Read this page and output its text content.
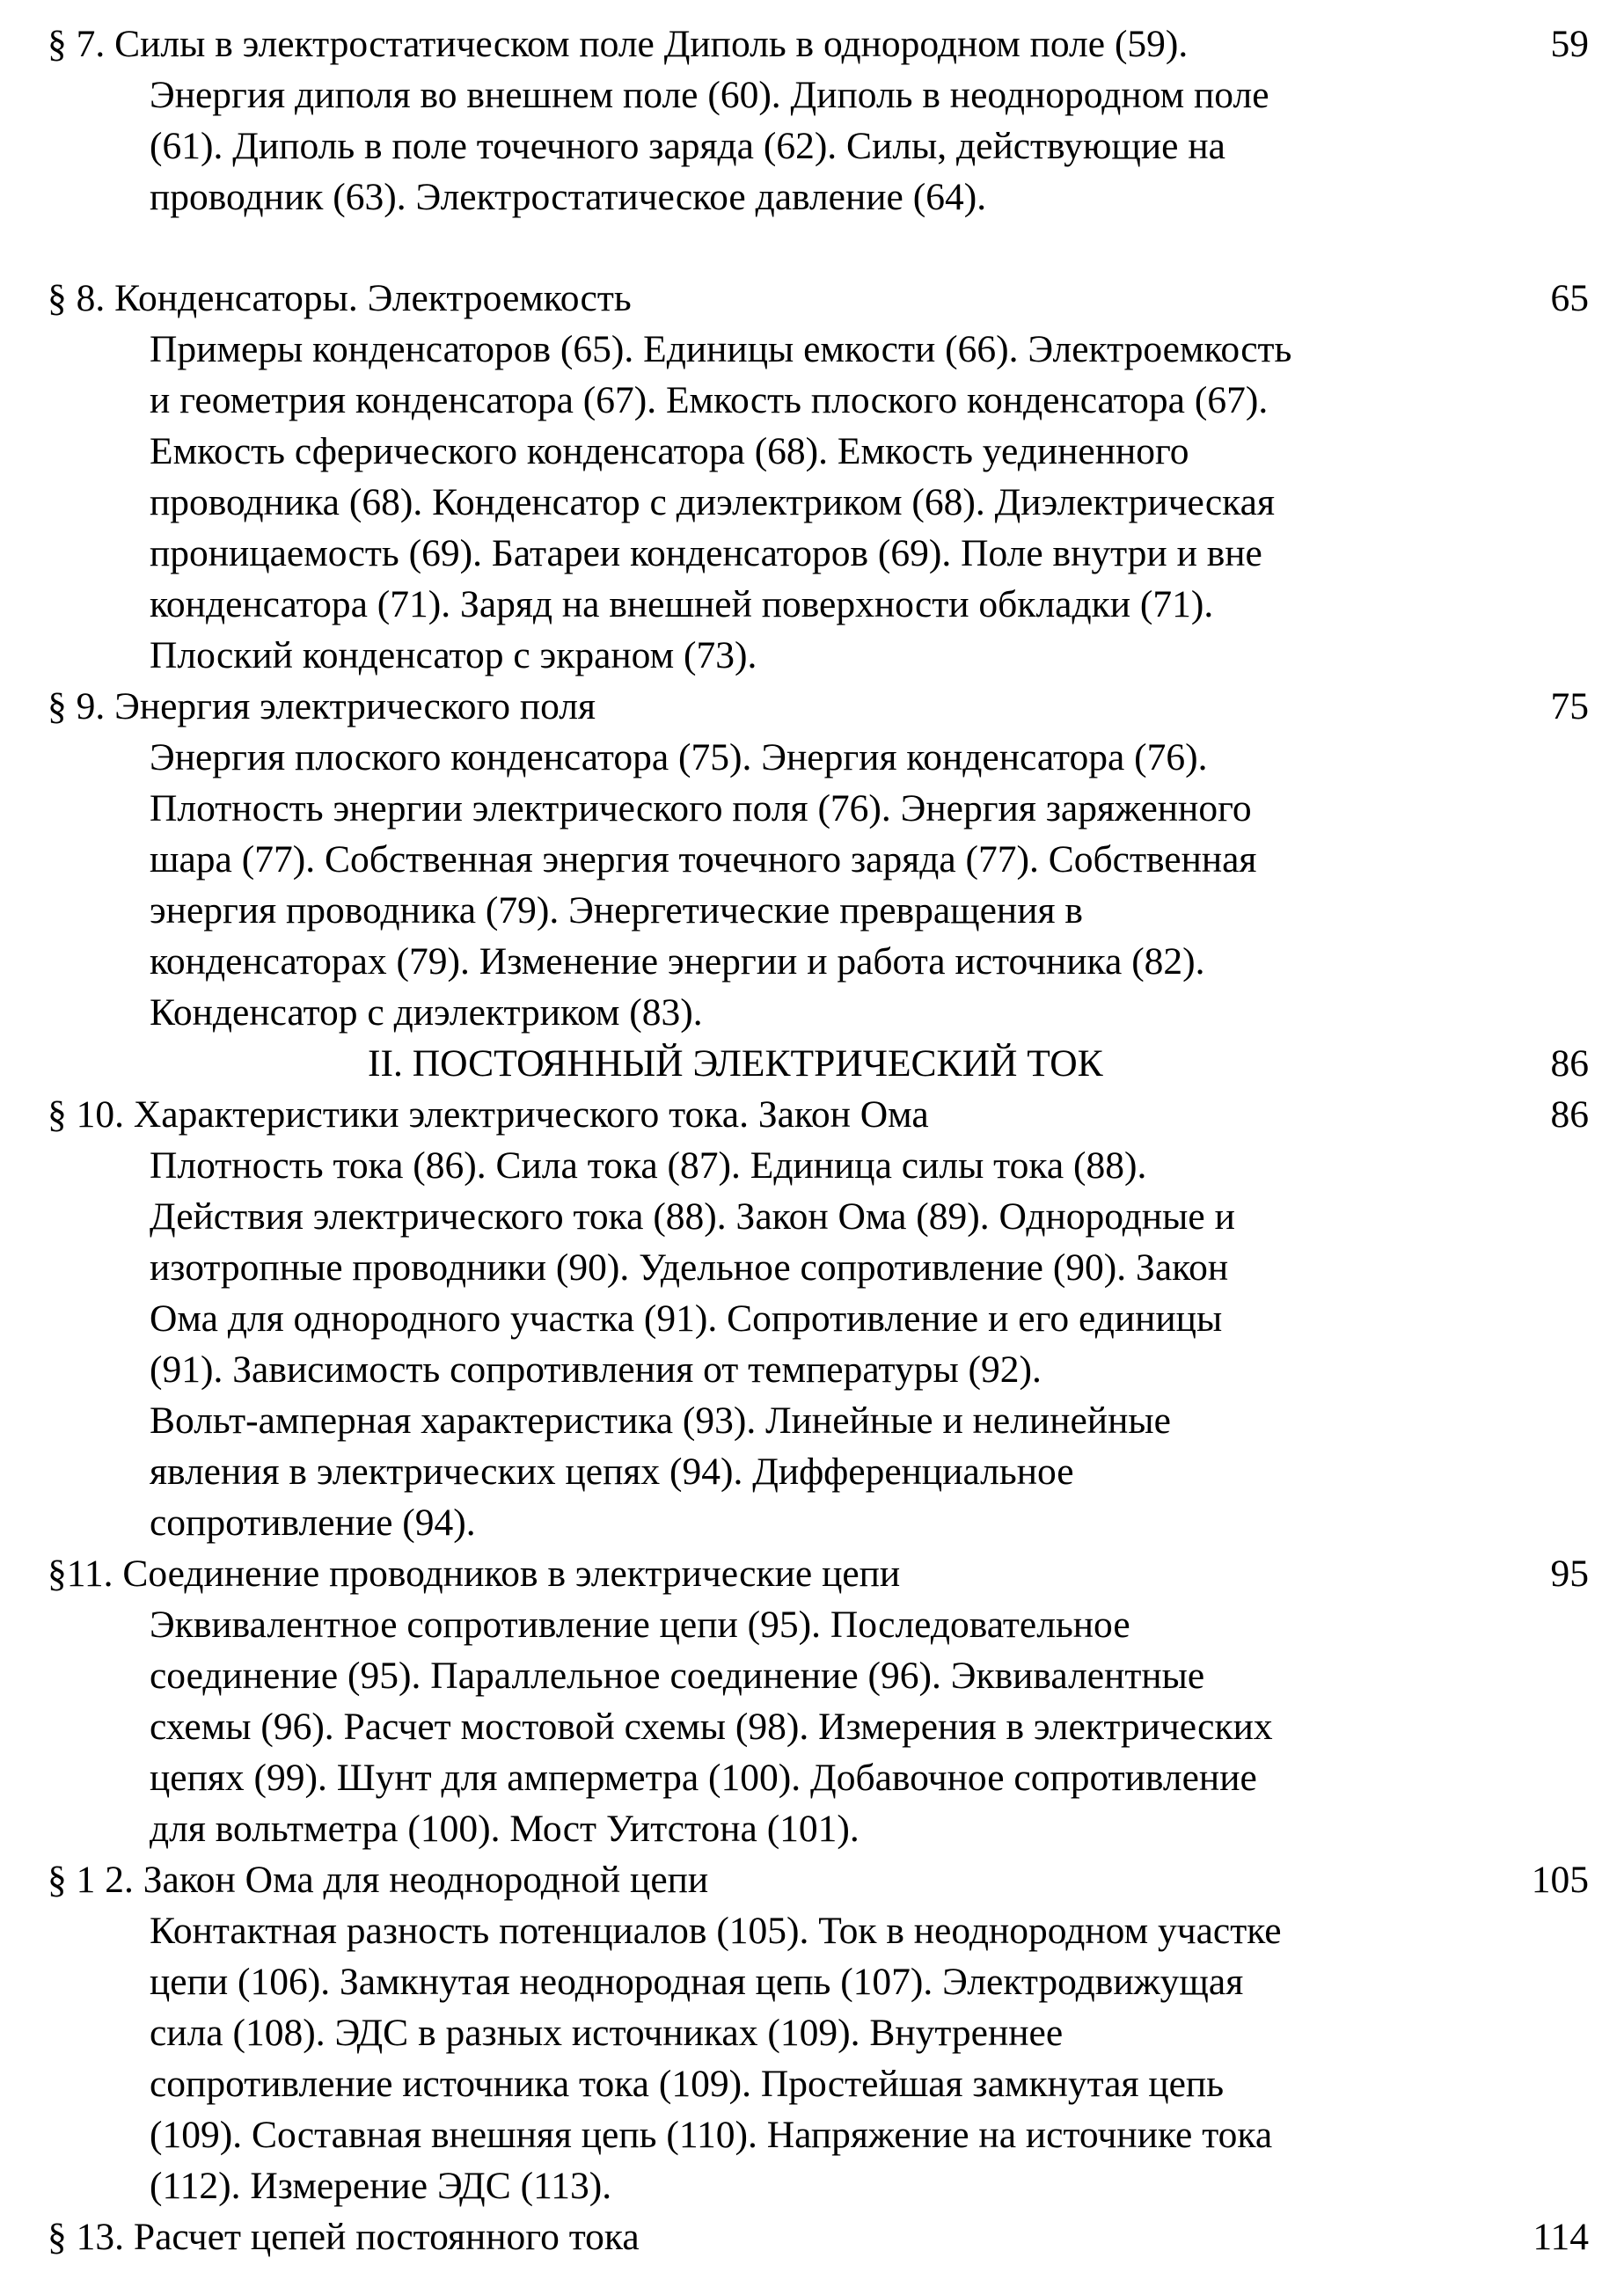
§ 7. Силы в электростатическом поле Диполь в однородном поле (59).	59
Энергия диполя во внешнем поле (60). Диполь в неоднородном поле
(61). Диполь в поле точечного заряда (62). Силы, действующие на
проводник (63). Электростатическое давление (64).
§ 8. Конденсаторы. Электроемкость	65
Примеры конденсаторов (65). Единицы емкости (66). Электроемкость
и геометрия конденсатора (67). Емкость плоского конденсатора (67).
Емкость сферического конденсатора (68). Емкость уединенного
проводника (68). Конденсатор с диэлектриком (68). Диэлектрическая
проницаемость (69). Батареи конденсаторов (69). Поле внутри и вне
конденсатора (71). Заряд на внешней поверхности обкладки (71).
Плоский конденсатор с экраном (73).
§ 9. Энергия электрического поля	75
Энергия плоского конденсатора (75). Энергия конденсатора (76).
Плотность энергии электрического поля (76). Энергия заряженного
шара (77). Собственная энергия точечного заряда (77). Собственная
энергия проводника (79). Энергетические превращения в
конденсаторах (79). Изменение энергии и работа источника (82).
Конденсатор с диэлектриком (83).
II. ПОСТОЯННЫЙ ЭЛЕКТРИЧЕСКИЙ ТОК	86
§ 10. Характеристики электрического тока. Закон Ома	86
Плотность тока (86). Сила тока (87). Единица силы тока (88).
Действия электрического тока (88). Закон Ома (89). Однородные и
изотропные проводники (90). Удельное сопротивление (90). Закон
Ома для однородного участка (91). Сопротивление и его единицы
(91). Зависимость сопротивления от температуры (92).
Вольт-амперная характеристика (93). Линейные и нелинейные
явления в электрических цепях (94). Дифференциальное
сопротивление (94).
§11. Соединение проводников в электрические цепи	95
Эквивалентное сопротивление цепи (95). Последовательное
соединение (95). Параллельное соединение (96). Эквивалентные
схемы (96). Расчет мостовой схемы (98). Измерения в электрических
цепях (99). Шунт для амперметра (100). Добавочное сопротивление
для вольтметра (100). Мост Уитстона (101).
§ 1 2. Закон Ома для неоднородной цепи	105
Контактная разность потенциалов (105). Ток в неоднородном участке
цепи (106). Замкнутая неоднородная цепь (107). Электродвижущая
сила (108). ЭДС в разных источниках (109). Внутреннее
сопротивление источника тока (109). Простейшая замкнутая цепь
(109). Составная внешняя цепь (110). Напряжение на источнике тока
(112). Измерение ЭДС (113).
§ 13. Расчет цепей постоянного тока	114
